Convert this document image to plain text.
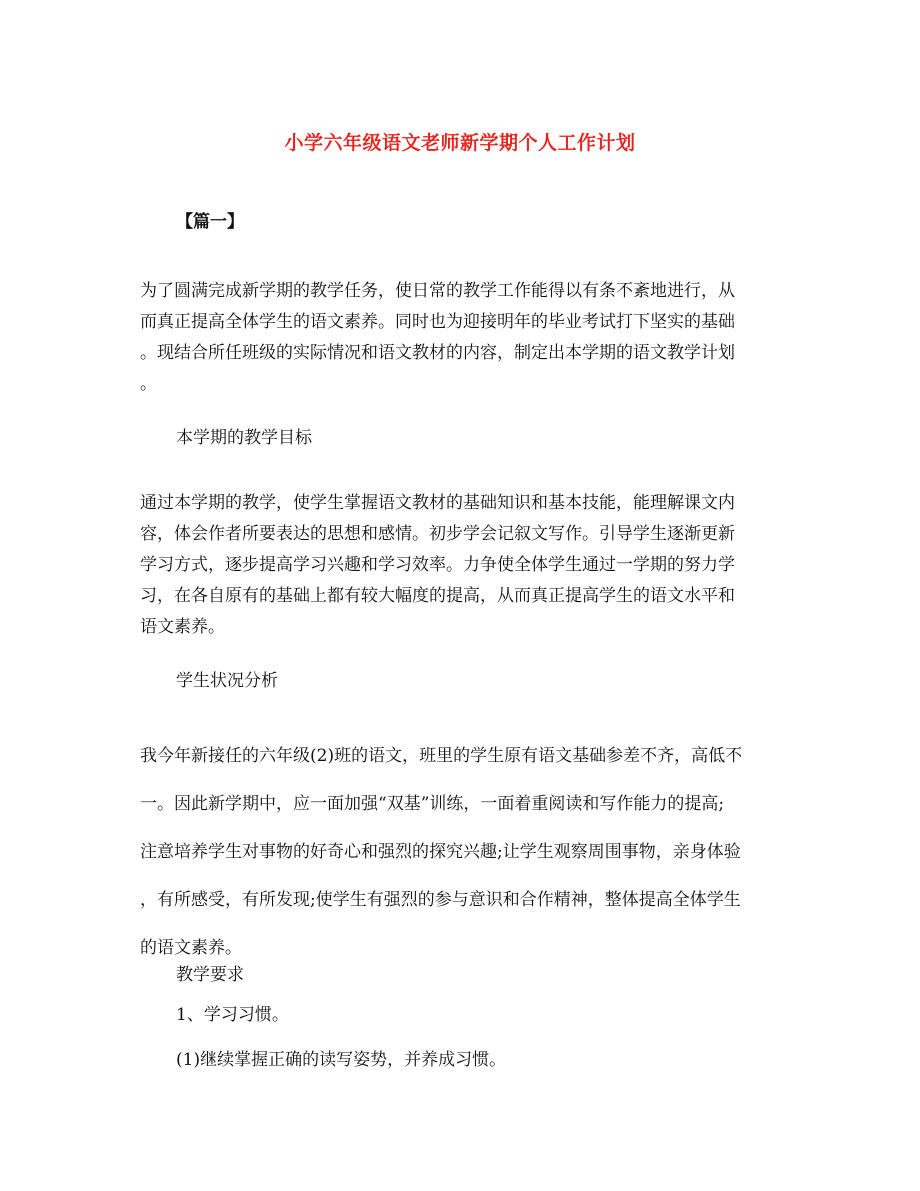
小学六年级语文老师新学期个人工作计划
【篇一】
为了圆满完成新学期的教学任务，使日常的教学工作能得以有条不紊地进行，从
而真正提高全体学生的语文素养。同时也为迎接明年的毕业考试打下坚实的基础
。现结合所任班级的实际情况和语文教材的内容，制定出本学期的语文教学计划
。
本学期的教学目标
通过本学期的教学，使学生掌握语文教材的基础知识和基本技能，能理解课文内
容，体会作者所要表达的思想和感情。初步学会记叙文写作。引导学生逐渐更新
学习方式，逐步提高学习兴趣和学习效率。力争使全体学生通过一学期的努力学
习，在各自原有的基础上都有较大幅度的提高，从而真正提高学生的语文水平和
语文素养。
学生状况分析
我今年新接任的六年级(2)班的语文，班里的学生原有语文基础参差不齐，高低不
一。因此新学期中，应一面加强“双基”训练，一面着重阅读和写作能力的提高;
注意培养学生对事物的好奇心和强烈的探究兴趣;让学生观察周围事物，亲身体验
，有所感受，有所发现;使学生有强烈的参与意识和合作精神，整体提高全体学生
的语文素养。
教学要求
1、学习习惯。
(1)继续掌握正确的读写姿势，并养成习惯。
